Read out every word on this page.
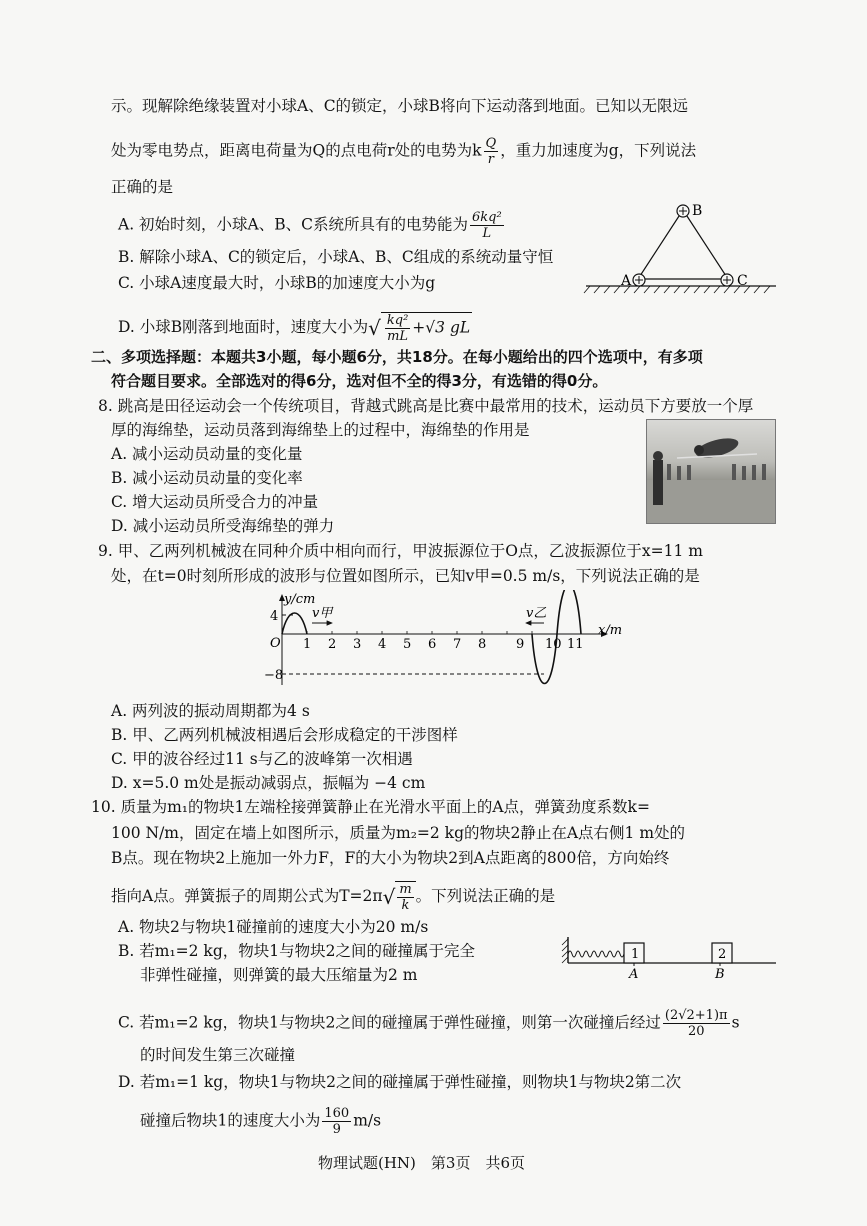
示。现解除绝缘装置对小球A、C的锁定，小球B将向下运动落到地面。已知以无限远
处为零电势点，距离电荷量为Q的点电荷r处的电势为k $\frac{Q}{r}$ ，重力加速度为g，下列说法
正确的是
A. 初始时刻，小球A、B、C系统所具有的电势能为 $\frac{\text{6kq²}}{L}$
B. 解除小球A、C的锁定后，小球A、B、C组成的系统动量守恒
C. 小球A速度最大时，小球B的加速度大小为g
D. 小球B刚落到地面时，速度大小为√ $\frac{\text{kq²}}{mL} +√3$ gL
B
A	C
二、多项选择题：本题共3小题，每小题6分，共18分。在每小题给出的四个选项中，有多项
符合题目要求。全部选对的得6分，选对但不全的得3分，有选错的得0分。
8. 跳高是田径运动会一个传统项目，背越式跳高是比赛中最常用的技术，运动员下方要放一个厚
厚的海绵垫，运动员落到海绵垫上的过程中，海绵垫的作用是
A. 减小运动员动量的变化量
B. 减小运动员动量的变化率
C. 增大运动员所受合力的冲量
D. 减小运动员所受海绵垫的弹力
9. 甲、乙两列机械波在同种介质中相向而行，甲波振源位于O点，乙波振源位于x=11 m
处，在t=0时刻所形成的波形与位置如图所示，已知v甲=0.5 m/s，下列说法正确的是
y/cm
x/m
O
4
−8
1 2 3 4 5 6 7 8 9 10 11
v甲	v乙
A. 两列波的振动周期都为4 s
B. 甲、乙两列机械波相遇后会形成稳定的干涉图样
C. 甲的波谷经过11 s与乙的波峰第一次相遇
D. x=5.0 m处是振动减弱点，振幅为 −4 cm
10. 质量为m₁的物块1左端栓接弹簧静止在光滑水平面上的A点，弹簧劲度系数k=
100 N/m，固定在墙上如图所示，质量为m₂=2 kg的物块2静止在A点右侧1 m处的
B点。现在物块2上施加一外力F，F的大小为物块2到A点距离的800倍，方向始终
指向A点。弹簧振子的周期公式为$T=2\pi√ \frac{m}{k}$ 。下列说法正确的是
A. 物块2与物块1碰撞前的速度大小为20 m/s
B. 若m₁=2 kg，物块1与物块2之间的碰撞属于完全
非弹性碰撞，则弹簧的最大压缩量为2 m
1	2
A	B
C. 若m₁=2 kg，物块1与物块2之间的碰撞属于弹性碰撞，则第一次碰撞后经过 $\frac{(2√2+1)\pi}{20}$ s
的时间发生第三次碰撞
D. 若m₁=1 kg，物块1与物块2之间的碰撞属于弹性碰撞，则物块1与物块2第二次
碰撞后物块1的速度大小为 $\frac{160}{9} m/s$
物理试题(HN)　第3页　共6页
